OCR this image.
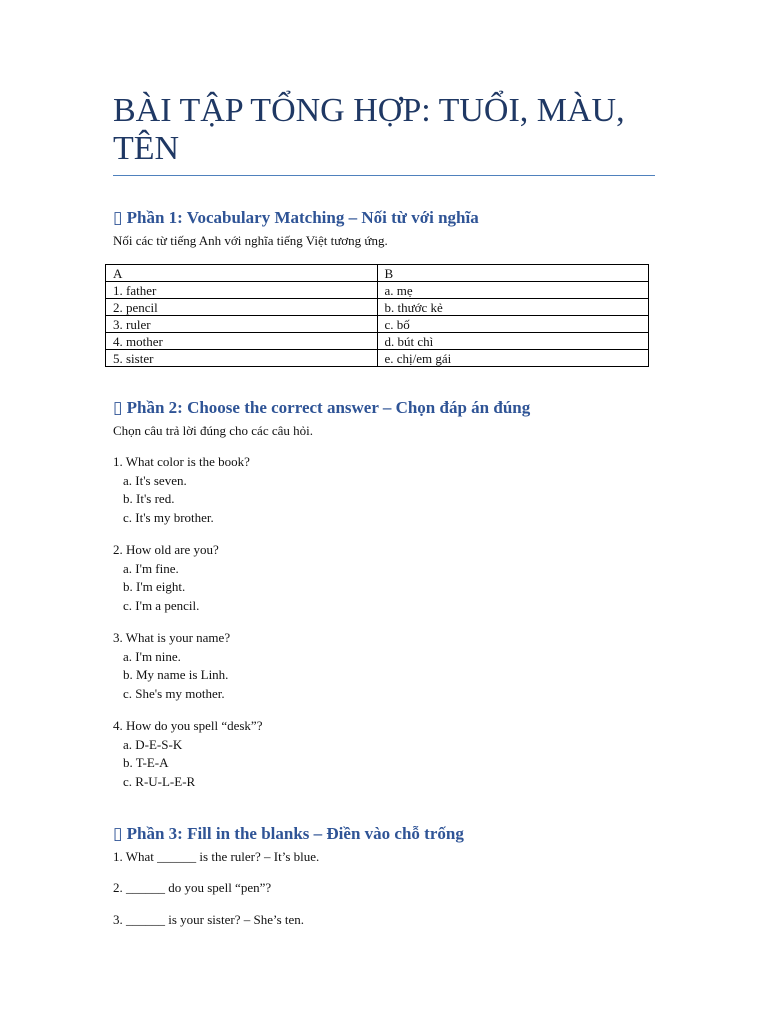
BÀI TẬP TỔNG HỢP: TUỔI, MÀU, TÊN
▯ Phần 1: Vocabulary Matching – Nối từ với nghĩa
Nối các từ tiếng Anh với nghĩa tiếng Việt tương ứng.
A	B
1. father	a. mẹ
2. pencil	b. thước kẻ
3. ruler	c. bố
4. mother	d. bút chì
5. sister	e. chị/em gái
▯ Phần 2: Choose the correct answer – Chọn đáp án đúng
Chọn câu trả lời đúng cho các câu hỏi.
1. What color is the book?
a. It's seven.
b. It's red.
c. It's my brother.
2. How old are you?
a. I'm fine.
b. I'm eight.
c. I'm a pencil.
3. What is your name?
a. I'm nine.
b. My name is Linh.
c. She's my mother.
4. How do you spell “desk”?
a. D-E-S-K
b. T-E-A
c. R-U-L-E-R
▯ Phần 3: Fill in the blanks – Điền vào chỗ trống
1. What ______ is the ruler? – It’s blue.
2. ______ do you spell “pen”?
3. ______ is your sister? – She’s ten.
